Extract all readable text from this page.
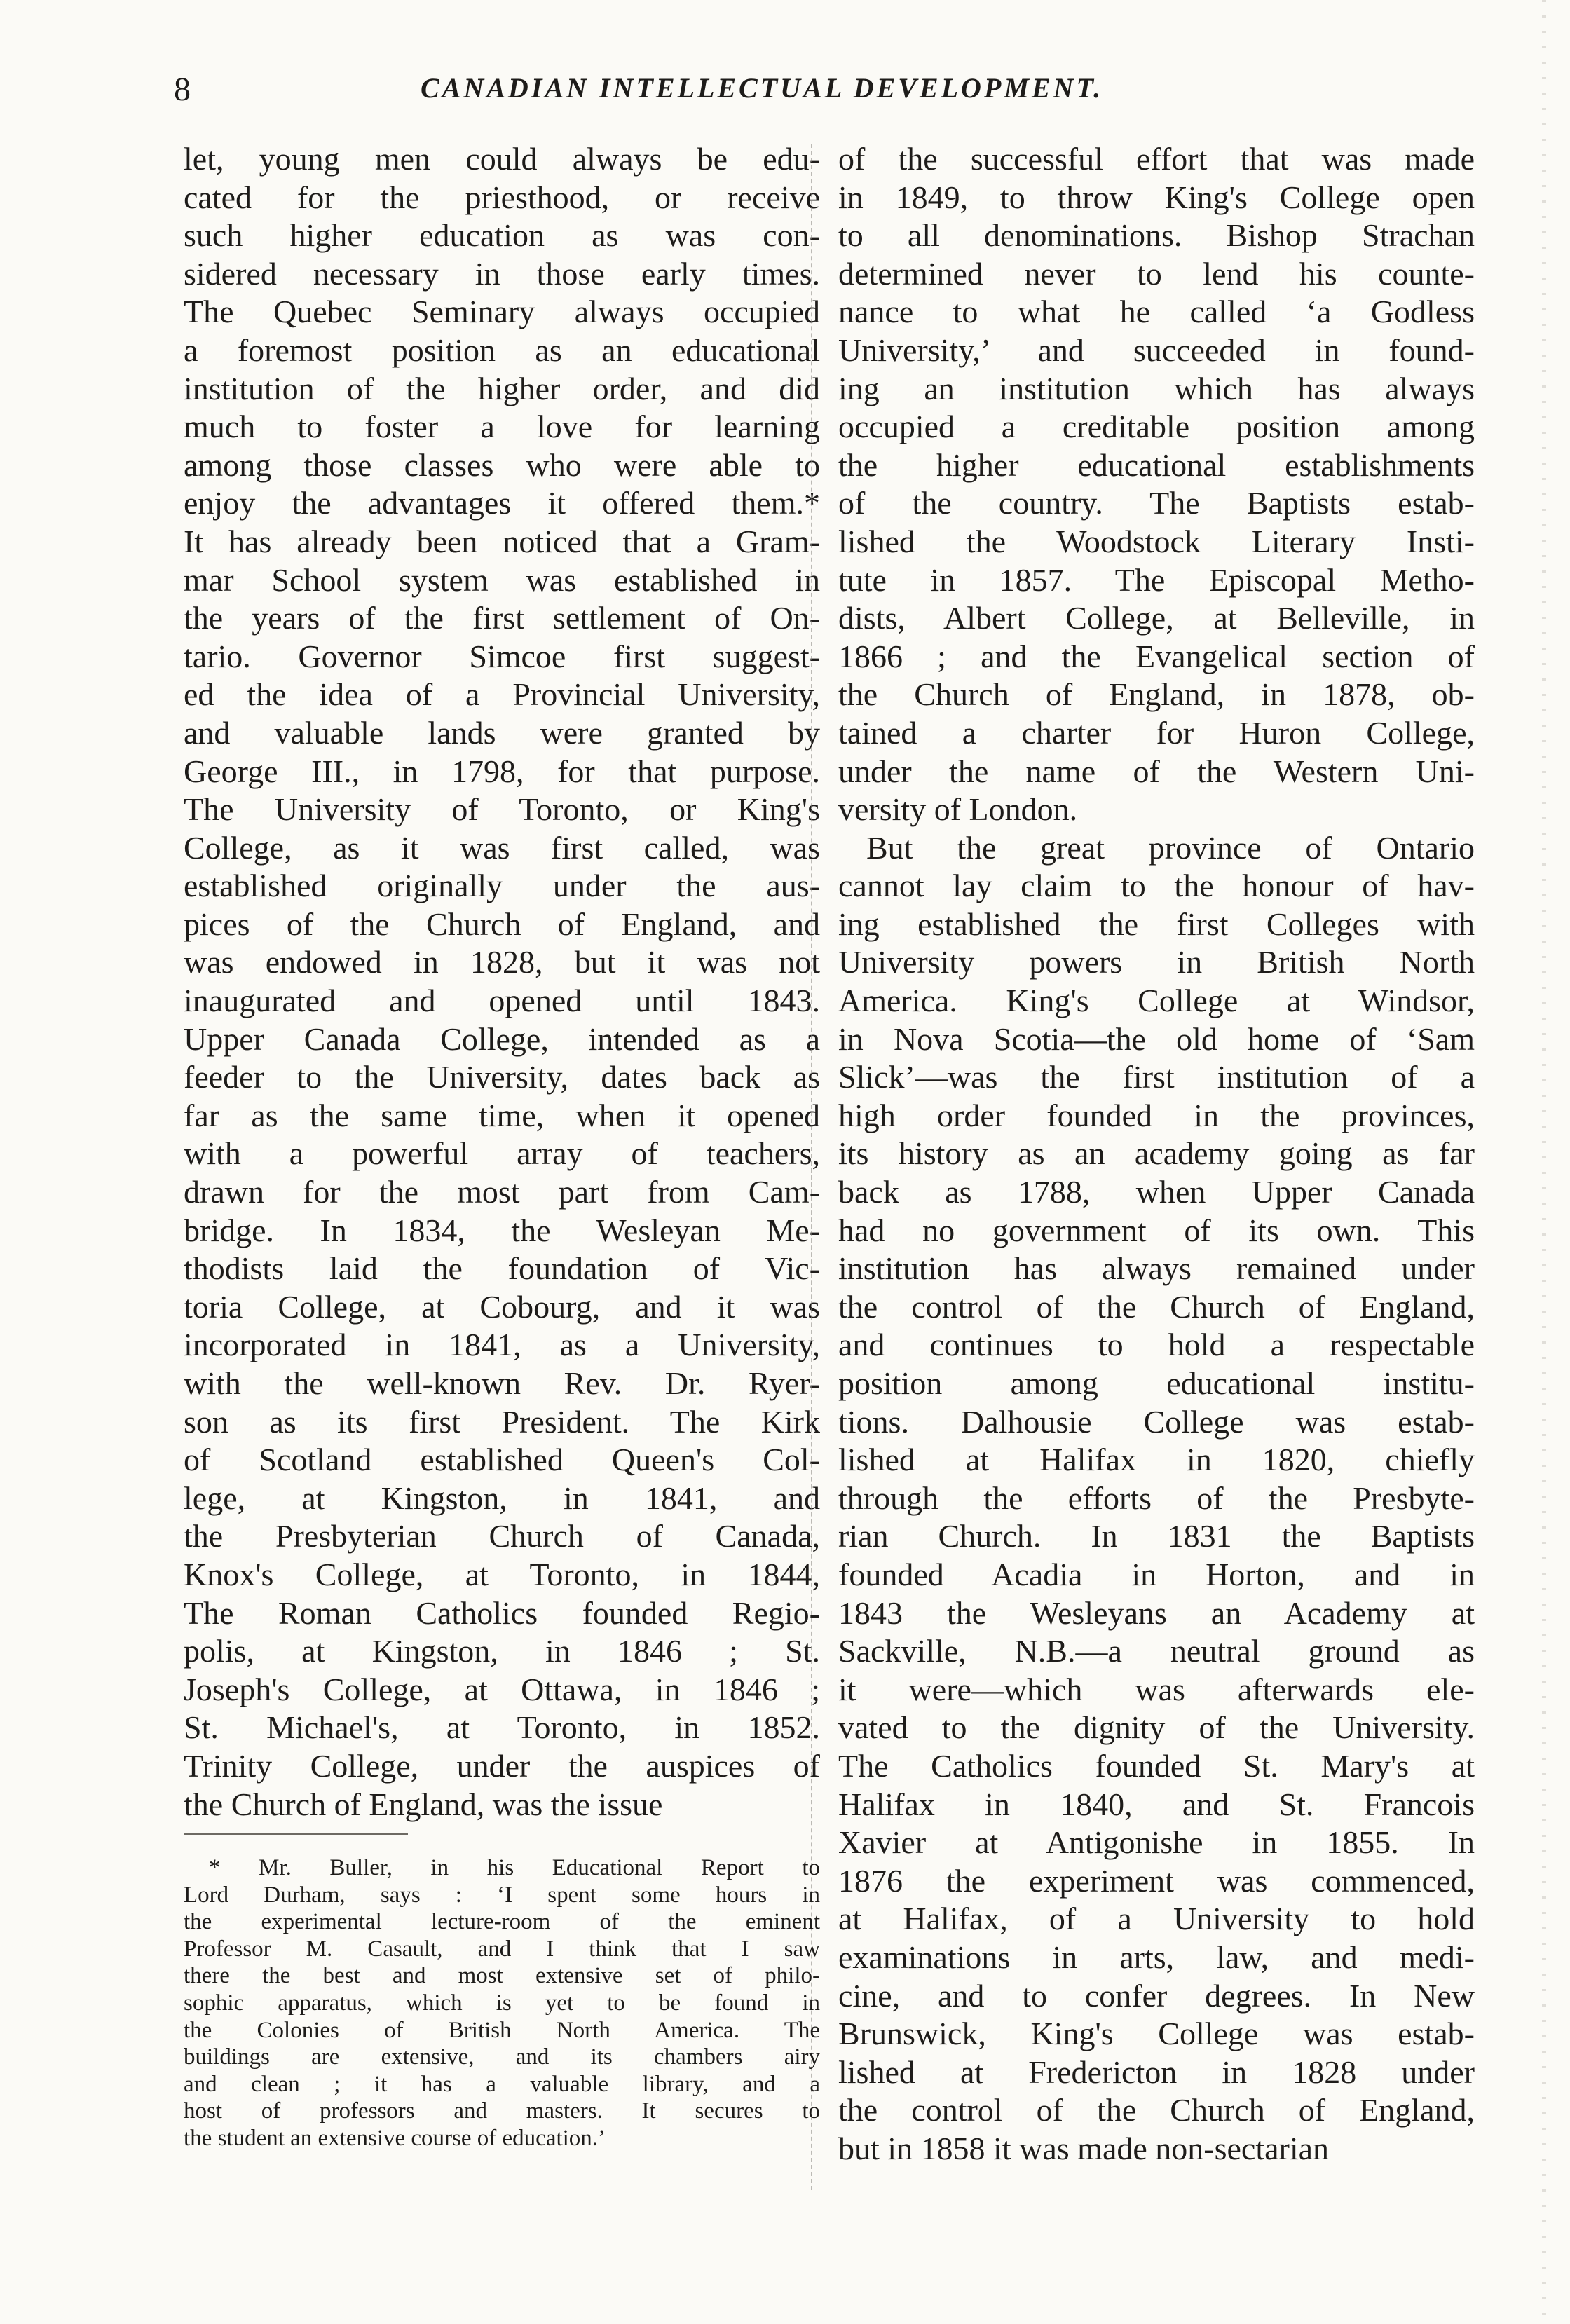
8	CANADIAN INTELLECTUAL DEVELOPMENT.
let, young men could always be edu-
cated for the priesthood, or receive
such higher education as was con-
sidered necessary in those early times.
The Quebec Seminary always occupied
a foremost position as an educational
institution of the higher order, and did
much to foster a love for learning
among those classes who were able to
enjoy the advantages it offered them.*
It has already been noticed that a Gram-
mar School system was established in
the years of the first settlement of On-
tario. Governor Simcoe first suggest-
ed the idea of a Provincial University,
and valuable lands were granted by
George III., in 1798, for that purpose.
The University of Toronto, or King's
College, as it was first called, was
established originally under the aus-
pices of the Church of England, and
was endowed in 1828, but it was not
inaugurated and opened until 1843.
Upper Canada College, intended as a
feeder to the University, dates back as
far as the same time, when it opened
with a powerful array of teachers,
drawn for the most part from Cam-
bridge. In 1834, the Wesleyan Me-
thodists laid the foundation of Vic-
toria College, at Cobourg, and it was
incorporated in 1841, as a University,
with the well-known Rev. Dr. Ryer-
son as its first President. The Kirk
of Scotland established Queen's Col-
lege, at Kingston, in 1841, and
the Presbyterian Church of Canada,
Knox's College, at Toronto, in 1844,
The Roman Catholics founded Regio-
polis, at Kingston, in 1846 ; St.
Joseph's College, at Ottawa, in 1846 ;
St. Michael's, at Toronto, in 1852.
Trinity College, under the auspices of
the Church of England, was the issue
of the successful effort that was made
in 1849, to throw King's College open
to all denominations. Bishop Strachan
determined never to lend his counte-
nance to what he called ‘a Godless
University,’ and succeeded in found-
ing an institution which has always
occupied a creditable position among
the higher educational establishments
of the country. The Baptists estab-
lished the Woodstock Literary Insti-
tute in 1857. The Episcopal Metho-
dists, Albert College, at Belleville, in
1866 ; and the Evangelical section of
the Church of England, in 1878, ob-
tained a charter for Huron College,
under the name of the Western Uni-
versity of London.
But the great province of Ontario
cannot lay claim to the honour of hav-
ing established the first Colleges with
University powers in British North
America. King's College at Windsor,
in Nova Scotia—the old home of ‘Sam
Slick’—was the first institution of a
high order founded in the provinces,
its history as an academy going as far
back as 1788, when Upper Canada
had no government of its own. This
institution has always remained under
the control of the Church of England,
and continues to hold a respectable
position among educational institu-
tions. Dalhousie College was estab-
lished at Halifax in 1820, chiefly
through the efforts of the Presbyte-
rian Church. In 1831 the Baptists
founded Acadia in Horton, and in
1843 the Wesleyans an Academy at
Sackville, N.B.—a neutral ground as
it were—which was afterwards ele-
vated to the dignity of the University.
The Catholics founded St. Mary's at
Halifax in 1840, and St. Francois
Xavier at Antigonishe in 1855. In
1876 the experiment was commenced,
at Halifax, of a University to hold
examinations in arts, law, and medi-
cine, and to confer degrees. In New
Brunswick, King's College was estab-
lished at Fredericton in 1828 under
the control of the Church of England,
but in 1858 it was made non-sectarian
* Mr. Buller, in his Educational Report to
Lord Durham, says : ‘I spent some hours in
the experimental lecture-room of the eminent
Professor M. Casault, and I think that I saw
there the best and most extensive set of philo-
sophic apparatus, which is yet to be found in
the Colonies of British North America. The
buildings are extensive, and its chambers airy
and clean ; it has a valuable library, and a
host of professors and masters. It secures to
the student an extensive course of education.’
